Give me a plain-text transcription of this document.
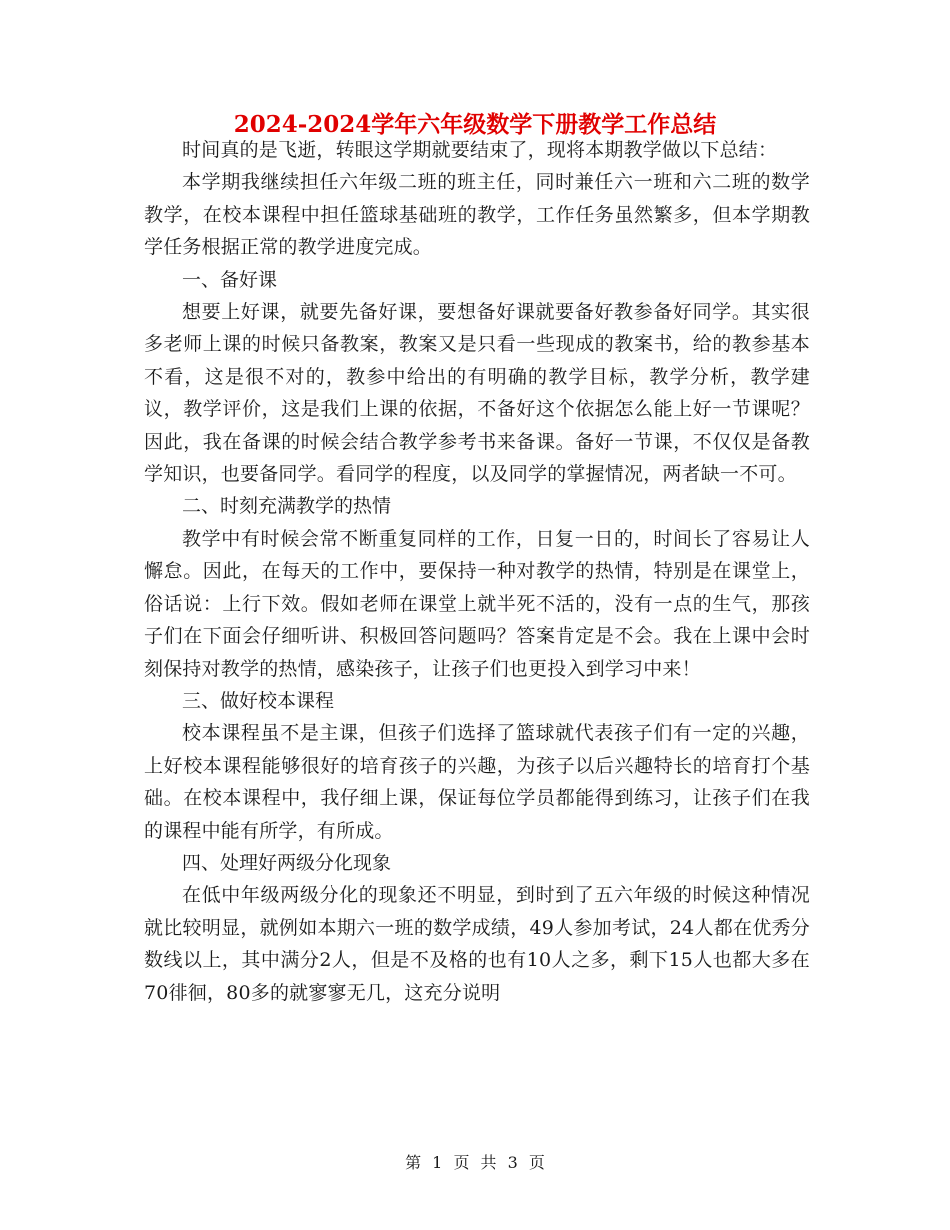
2024-2024学年六年级数学下册教学工作总结

时间真的是飞逝，转眼这学期就要结束了，现将本期教学做以下总结：

本学期我继续担任六年级二班的班主任，同时兼任六一班和六二班的数学教学，在校本课程中担任篮球基础班的教学，工作任务虽然繁多，但本学期教学任务根据正常的教学进度完成。

一、备好课

想要上好课，就要先备好课，要想备好课就要备好教参备好同学。其实很多老师上课的时候只备教案，教案又是只看一些现成的教案书，给的教参基本不看，这是很不对的，教参中给出的有明确的教学目标，教学分析，教学建议，教学评价，这是我们上课的依据，不备好这个依据怎么能上好一节课呢？因此，我在备课的时候会结合教学参考书来备课。备好一节课，不仅仅是备教学知识，也要备同学。看同学的程度，以及同学的掌握情况，两者缺一不可。

二、时刻充满教学的热情

教学中有时候会常不断重复同样的工作，日复一日的，时间长了容易让人懈怠。因此，在每天的工作中，要保持一种对教学的热情，特别是在课堂上，俗话说：上行下效。假如老师在课堂上就半死不活的，没有一点的生气，那孩子们在下面会仔细听讲、积极回答问题吗？答案肯定是不会。我在上课中会时刻保持对教学的热情，感染孩子，让孩子们也更投入到学习中来！

三、做好校本课程

校本课程虽不是主课，但孩子们选择了篮球就代表孩子们有一定的兴趣，上好校本课程能够很好的培育孩子的兴趣，为孩子以后兴趣特长的培育打个基础。在校本课程中，我仔细上课，保证每位学员都能得到练习，让孩子们在我的课程中能有所学，有所成。

四、处理好两级分化现象

在低中年级两级分化的现象还不明显，到时到了五六年级的时候这种情况就比较明显，就例如本期六一班的数学成绩，49人参加考试，24人都在优秀分数线以上，其中满分2人，但是不及格的也有10人之多，剩下15人也都大多在70徘徊，80多的就寥寥无几，这充分说明

第 1 页 共 3 页
